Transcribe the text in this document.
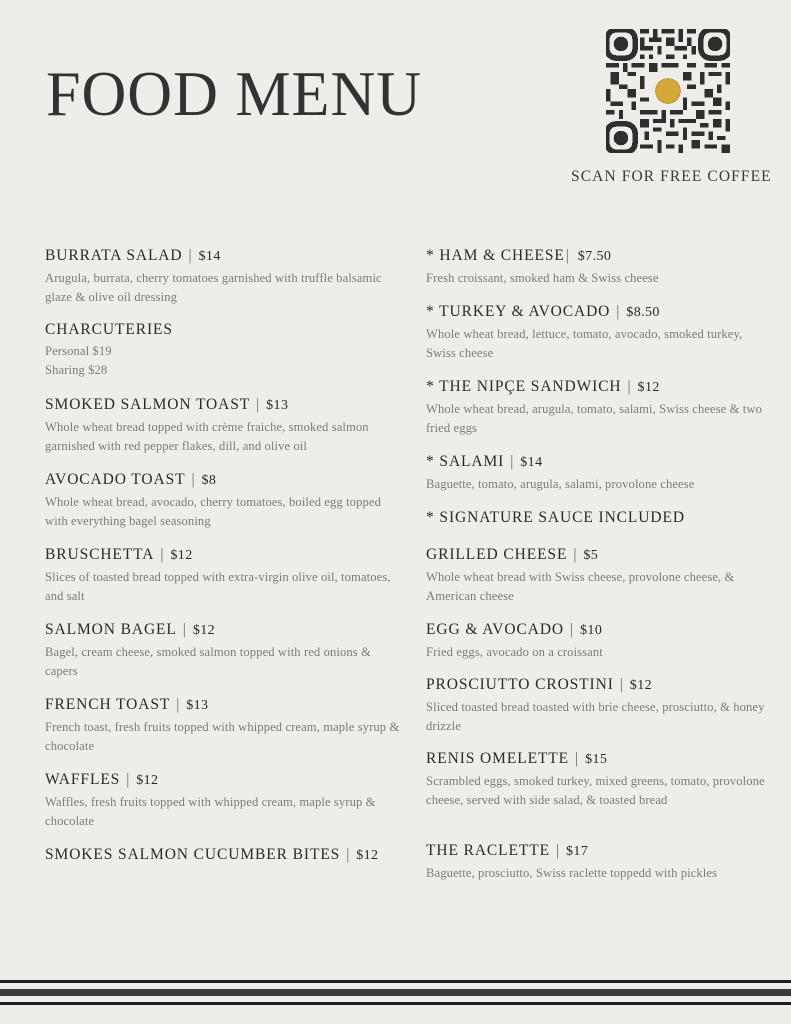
FOOD MENU
SCAN FOR FREE COFFEE
BURRATA SALAD | $14
Arugula, burrata, cherry tomatoes garnished with truffle balsamic glaze & olive oil dressing
CHARCUTERIES
Personal $19
Sharing $28
SMOKED SALMON TOAST | $13
Whole wheat bread topped with crème fraiche, smoked salmon garnished with red pepper flakes, dill, and olive oil
AVOCADO TOAST | $8
Whole wheat bread, avocado, cherry tomatoes, boiled egg topped with everything bagel seasoning
BRUSCHETTA | $12
Slices of toasted bread topped with extra-virgin olive oil, tomatoes, and salt
SALMON BAGEL | $12
Bagel, cream cheese, smoked salmon topped with red onions & capers
FRENCH TOAST | $13
French toast, fresh fruits topped with whipped cream, maple syrup & chocolate
WAFFLES | $12
Waffles, fresh fruits topped with whipped cream, maple syrup & chocolate
SMOKES SALMON CUCUMBER BITES | $12
* HAM & CHEESE| $7.50
Fresh croissant, smoked ham & Swiss cheese
* TURKEY & AVOCADO | $8.50
Whole wheat bread, lettuce, tomato, avocado, smoked turkey, Swiss cheese
* THE NIPÇE SANDWICH | $12
Whole wheat bread, arugula, tomato, salami, Swiss cheese & two fried eggs
* SALAMI | $14
Baguette, tomato, arugula, salami, provolone cheese
* SIGNATURE SAUCE INCLUDED
GRILLED CHEESE | $5
Whole wheat bread with Swiss cheese, provolone cheese, & American cheese
EGG & AVOCADO | $10
Fried eggs, avocado on a croissant
PROSCIUTTO CROSTINI | $12
Sliced toasted bread toasted with brie cheese, prosciutto, & honey drizzle
RENIS OMELETTE | $15
Scrambled eggs, smoked turkey, mixed greens, tomato, provolone cheese, served with side salad, & toasted bread
THE RACLETTE | $17
Baguette, prosciutto, Swiss raclette toppedd with pickles
